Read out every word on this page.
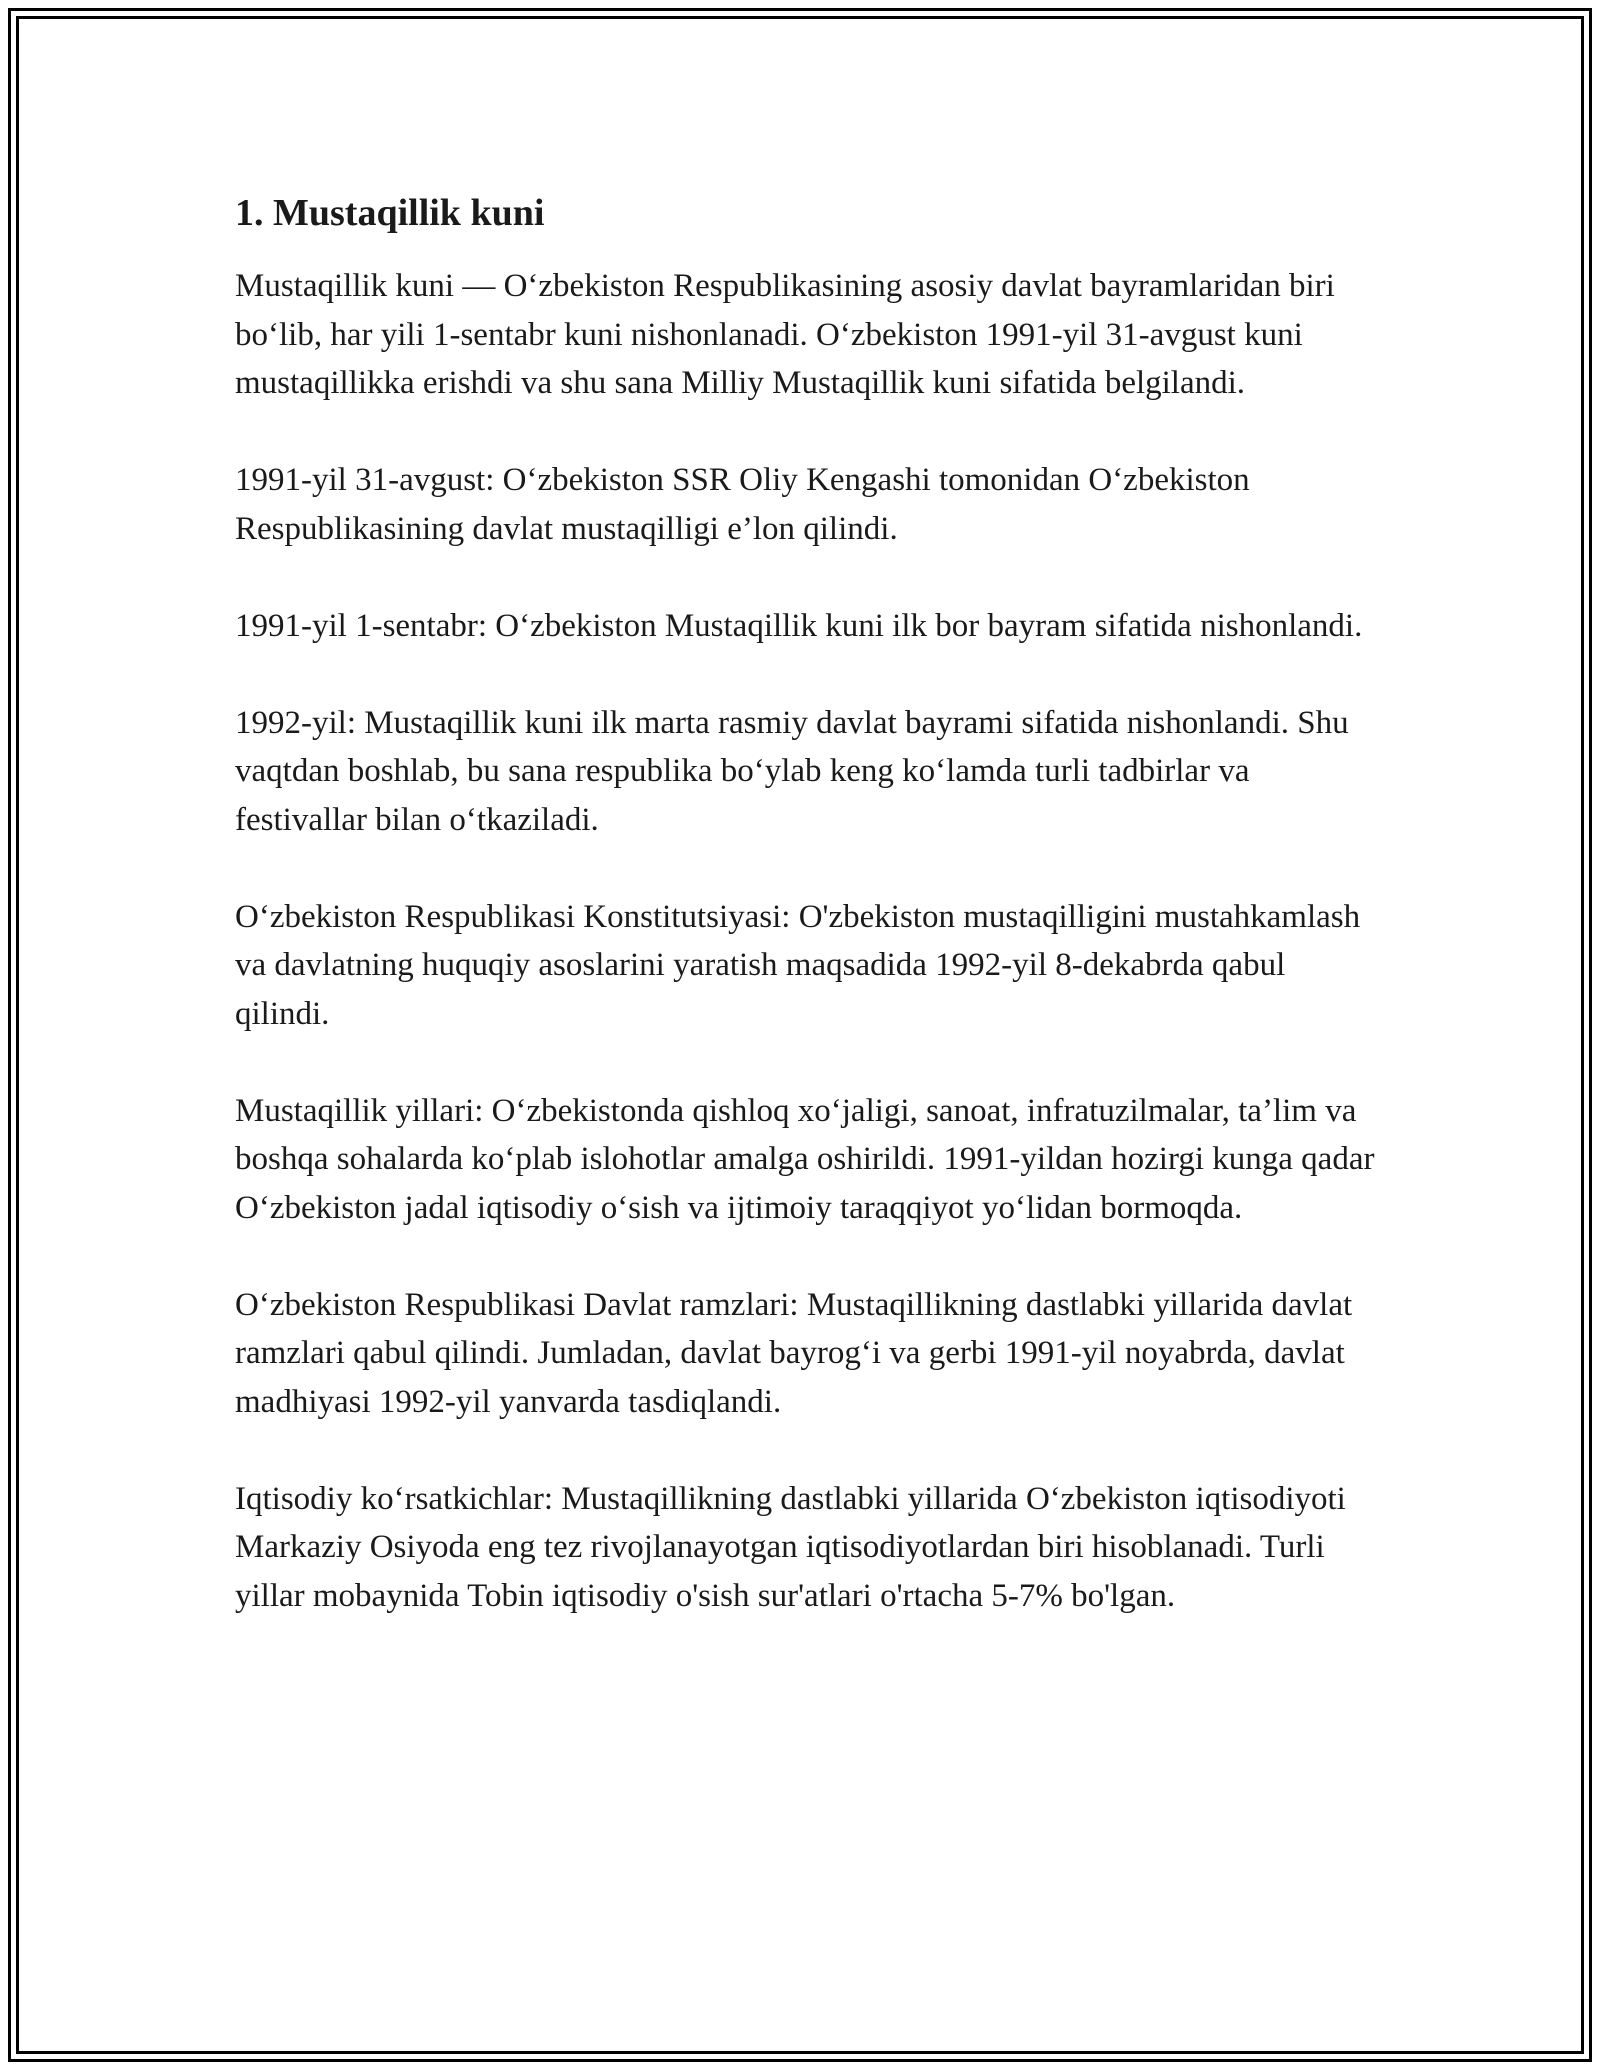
1. Mustaqillik kuni

Mustaqillik kuni — O‘zbekiston Respublikasining asosiy davlat bayramlaridan biri bo‘lib, har yili 1-sentabr kuni nishonlanadi. O‘zbekiston 1991-yil 31-avgust kuni mustaqillikka erishdi va shu sana Milliy Mustaqillik kuni sifatida belgilandi.

1991-yil 31-avgust: O‘zbekiston SSR Oliy Kengashi tomonidan O‘zbekiston Respublikasining davlat mustaqilligi e’lon qilindi.

1991-yil 1-sentabr: O‘zbekiston Mustaqillik kuni ilk bor bayram sifatida nishonlandi.

1992-yil: Mustaqillik kuni ilk marta rasmiy davlat bayrami sifatida nishonlandi. Shu vaqtdan boshlab, bu sana respublika bo‘ylab keng ko‘lamda turli tadbirlar va festivallar bilan o‘tkaziladi.

O‘zbekiston Respublikasi Konstitutsiyasi: O'zbekiston mustaqilligini mustahkamlash va davlatning huquqiy asoslarini yaratish maqsadida 1992-yil 8-dekabrda qabul qilindi.

Mustaqillik yillari: O‘zbekistonda qishloq xo‘jaligi, sanoat, infratuzilmalar, ta’lim va boshqa sohalarda ko‘plab islohotlar amalga oshirildi. 1991-yildan hozirgi kunga qadar O‘zbekiston jadal iqtisodiy o‘sish va ijtimoiy taraqqiyot yo‘lidan bormoqda.

O‘zbekiston Respublikasi Davlat ramzlari: Mustaqillikning dastlabki yillarida davlat ramzlari qabul qilindi. Jumladan, davlat bayrog‘i va gerbi 1991-yil noyabrda, davlat madhiyasi 1992-yil yanvarda tasdiqlandi.

Iqtisodiy ko‘rsatkichlar: Mustaqillikning dastlabki yillarida O‘zbekiston iqtisodiyoti Markaziy Osiyoda eng tez rivojlanayotgan iqtisodiyotlardan biri hisoblanadi. Turli yillar mobaynida Tobin iqtisodiy o'sish sur'atlari o'rtacha 5-7% bo'lgan.
